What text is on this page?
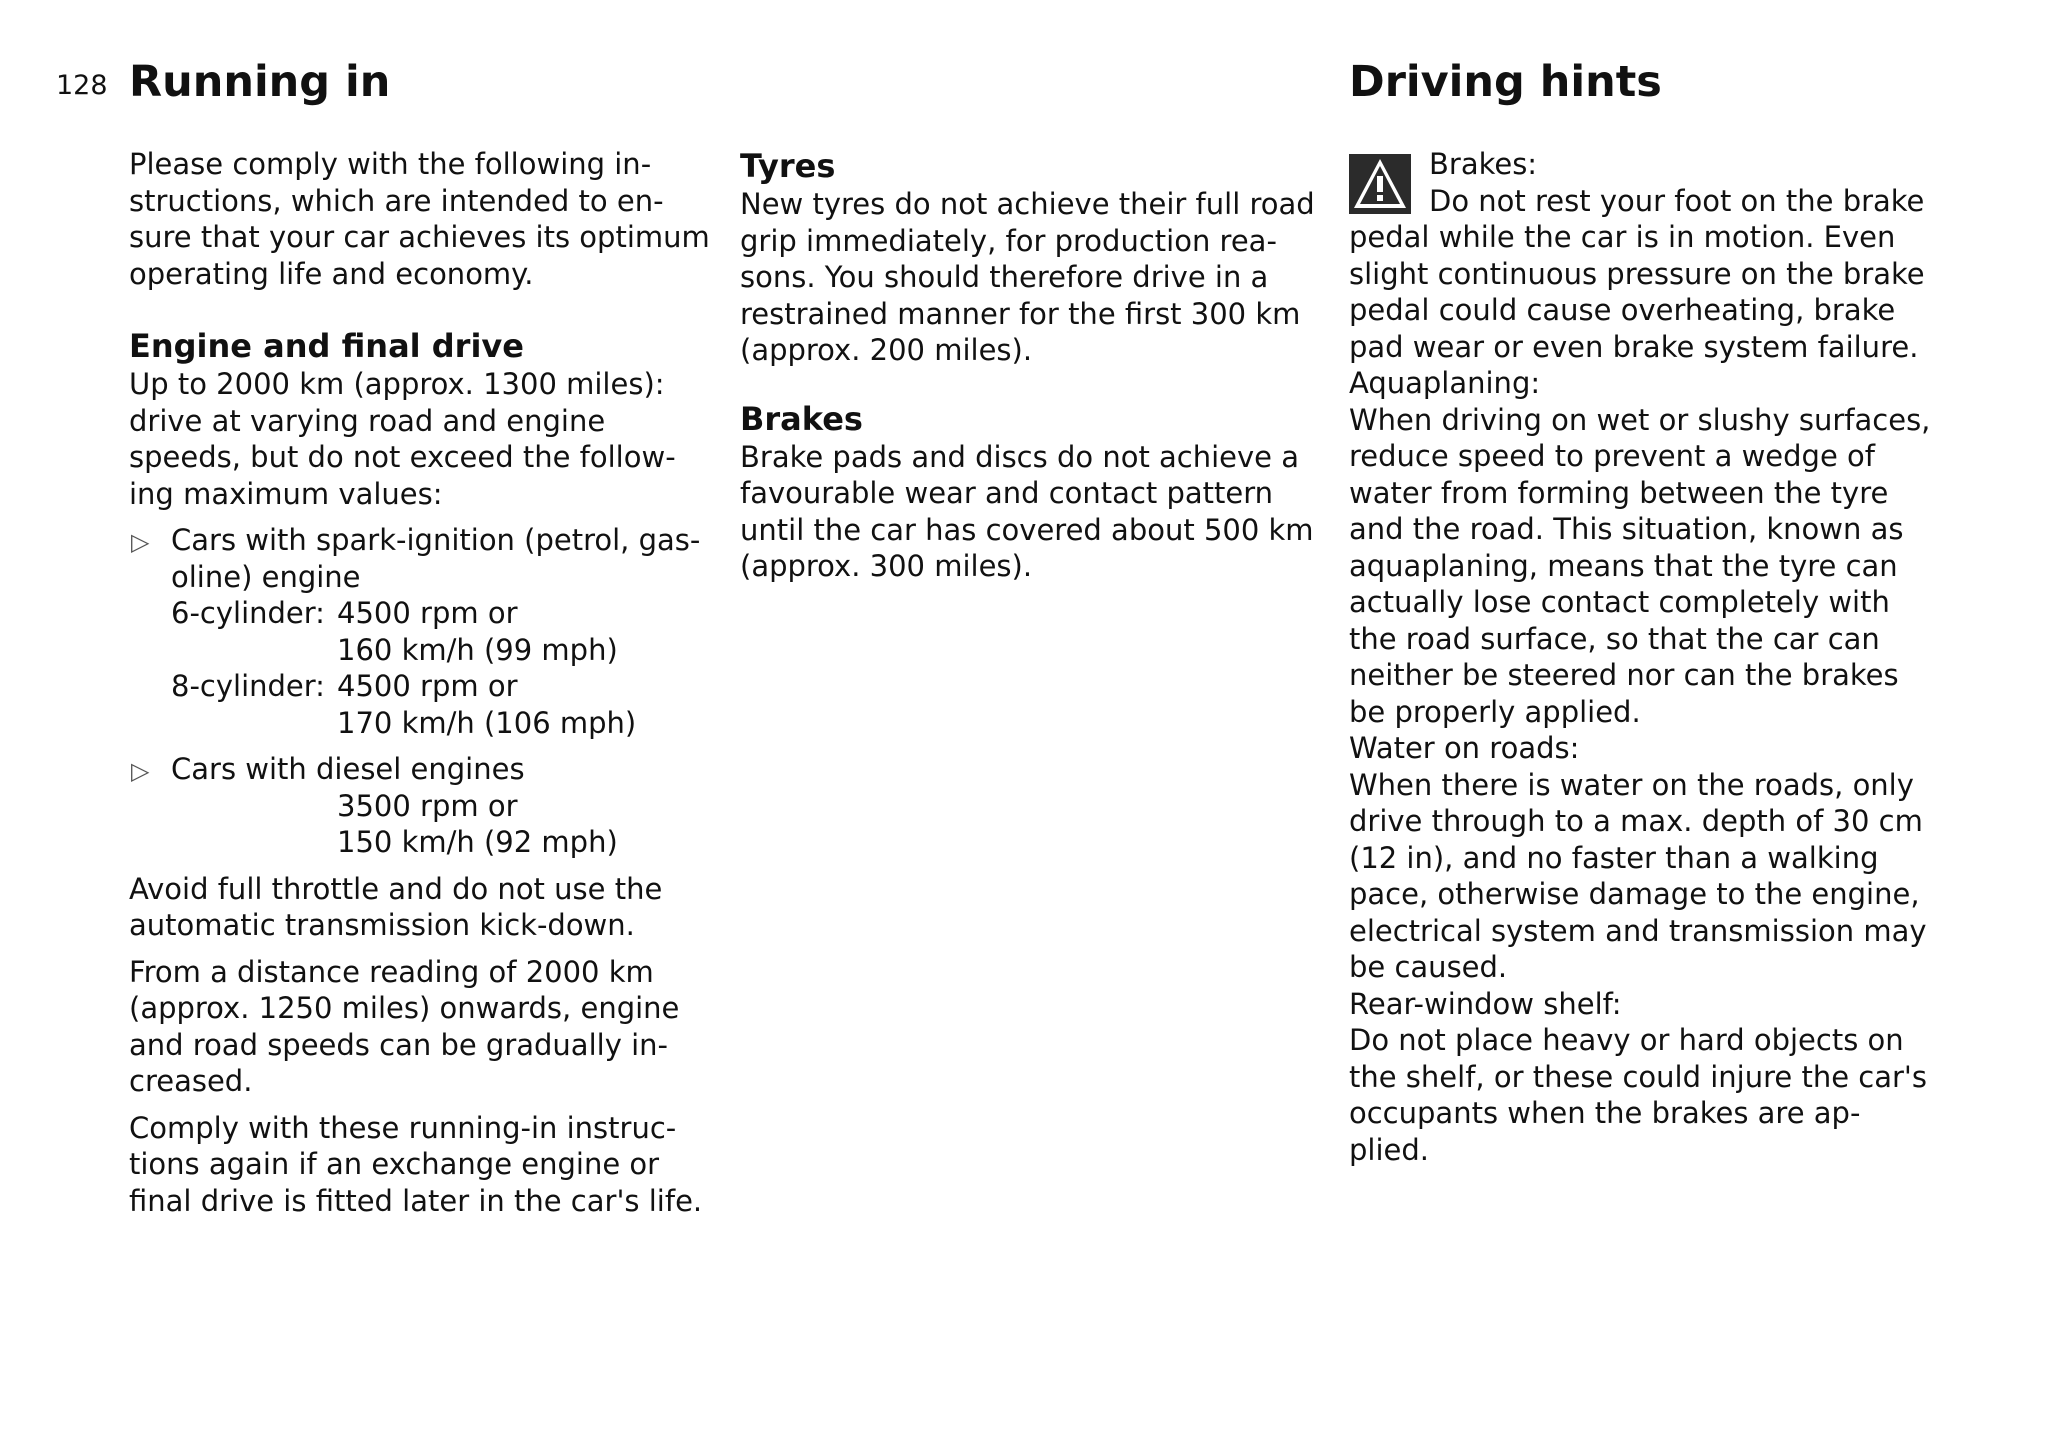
128 Running in	Driving hints

Please comply with the following in-
structions, which are intended to en-
sure that your car achieves its optimum
operating life and economy.

Engine and final drive

Up to 2000 km (approx. 1300 miles):
drive at varying road and engine
speeds, but do not exceed the follow-
ing maximum values:

▷ Cars with spark-ignition (petrol, gas-
oline) engine
6-cylinder: 4500 rpm or
160 km/h (99 mph)
8-cylinder: 4500 rpm or
170 km/h (106 mph)
▷ Cars with diesel engines
3500 rpm or
150 km/h (92 mph)

Avoid full throttle and do not use the
automatic transmission kick-down.

From a distance reading of 2000 km
(approx. 1250 miles) onwards, engine
and road speeds can be gradually in-
creased.

Comply with these running-in instruc-
tions again if an exchange engine or
final drive is fitted later in the car's life.

Tyres

New tyres do not achieve their full road
grip immediately, for production rea-
sons. You should therefore drive in a
restrained manner for the first 300 km
(approx. 200 miles).

Brakes

Brake pads and discs do not achieve a
favourable wear and contact pattern
until the car has covered about 500 km
(approx. 300 miles).

Brakes:
Do not rest your foot on the brake

pedal while the car is in motion. Even
slight continuous pressure on the brake
pedal could cause overheating, brake
pad wear or even brake system failure.
Aquaplaning:
When driving on wet or slushy surfaces,
reduce speed to prevent a wedge of
water from forming between the tyre
and the road. This situation, known as
aquaplaning, means that the tyre can
actually lose contact completely with
the road surface, so that the car can
neither be steered nor can the brakes
be properly applied.
Water on roads:
When there is water on the roads, only
drive through to a max. depth of 30 cm
(12 in), and no faster than a walking
pace, otherwise damage to the engine,
electrical system and transmission may
be caused.
Rear-window shelf:
Do not place heavy or hard objects on
the shelf, or these could injure the car's
occupants when the brakes are ap-
plied.
